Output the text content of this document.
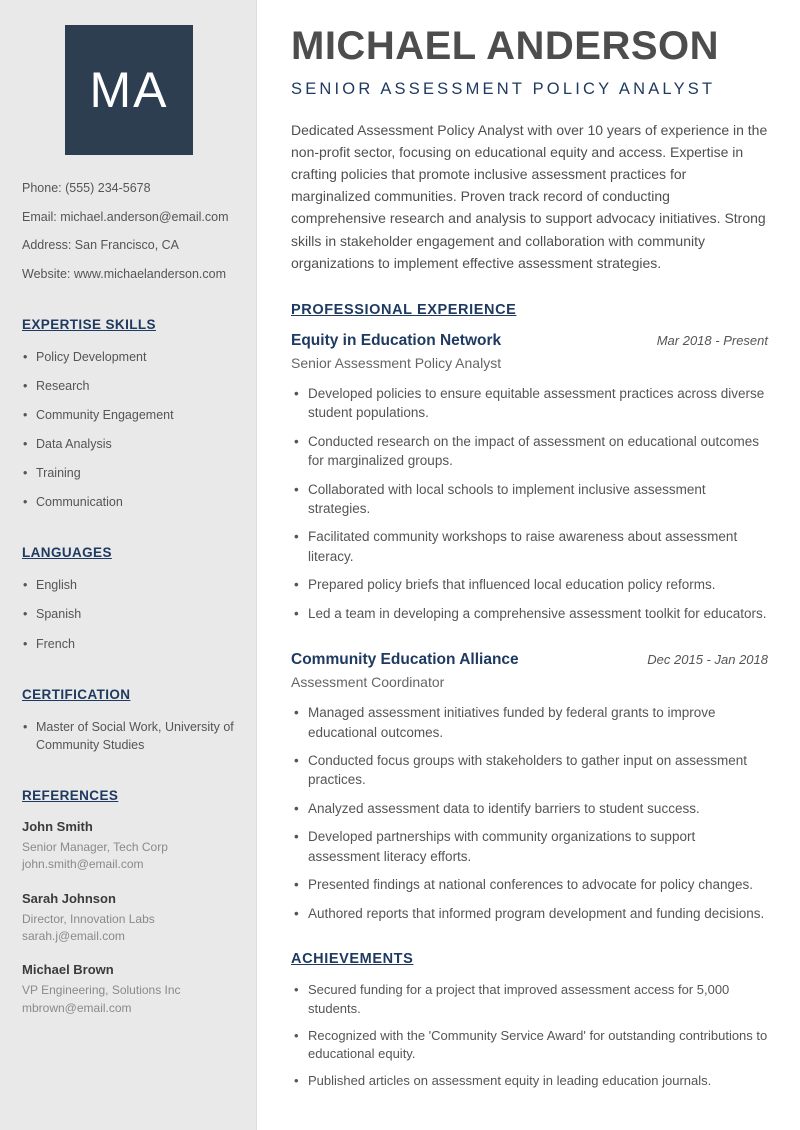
MA
Phone: (555) 234-5678
Email: michael.anderson@email.com
Address: San Francisco, CA
Website: www.michaelanderson.com
EXPERTISE SKILLS
• Policy Development
• Research
• Community Engagement
• Data Analysis
• Training
• Communication
LANGUAGES
• English
• Spanish
• French
CERTIFICATION
• Master of Social Work, University of Community Studies
REFERENCES
John Smith
Senior Manager, Tech Corp
john.smith@email.com
Sarah Johnson
Director, Innovation Labs
sarah.j@email.com
Michael Brown
VP Engineering, Solutions Inc
mbrown@email.com
MICHAEL ANDERSON
SENIOR ASSESSMENT POLICY ANALYST

Dedicated Assessment Policy Analyst with over 10 years of experience in the non-profit sector, focusing on educational equity and access. Expertise in crafting policies that promote inclusive assessment practices for marginalized communities. Proven track record of conducting comprehensive research and analysis to support advocacy initiatives. Strong skills in stakeholder engagement and collaboration with community organizations to implement effective assessment strategies.

PROFESSIONAL EXPERIENCE
Equity in Education Network	Mar 2018 - Present
Senior Assessment Policy Analyst
• Developed policies to ensure equitable assessment practices across diverse student populations.
• Conducted research on the impact of assessment on educational outcomes for marginalized groups.
• Collaborated with local schools to implement inclusive assessment strategies.
• Facilitated community workshops to raise awareness about assessment literacy.
• Prepared policy briefs that influenced local education policy reforms.
• Led a team in developing a comprehensive assessment toolkit for educators.
Community Education Alliance	Dec 2015 - Jan 2018
Assessment Coordinator
• Managed assessment initiatives funded by federal grants to improve educational outcomes.
• Conducted focus groups with stakeholders to gather input on assessment practices.
• Analyzed assessment data to identify barriers to student success.
• Developed partnerships with community organizations to support assessment literacy efforts.
• Presented findings at national conferences to advocate for policy changes.
• Authored reports that informed program development and funding decisions.
ACHIEVEMENTS
• Secured funding for a project that improved assessment access for 5,000 students.
• Recognized with the 'Community Service Award' for outstanding contributions to educational equity.
• Published articles on assessment equity in leading education journals.
